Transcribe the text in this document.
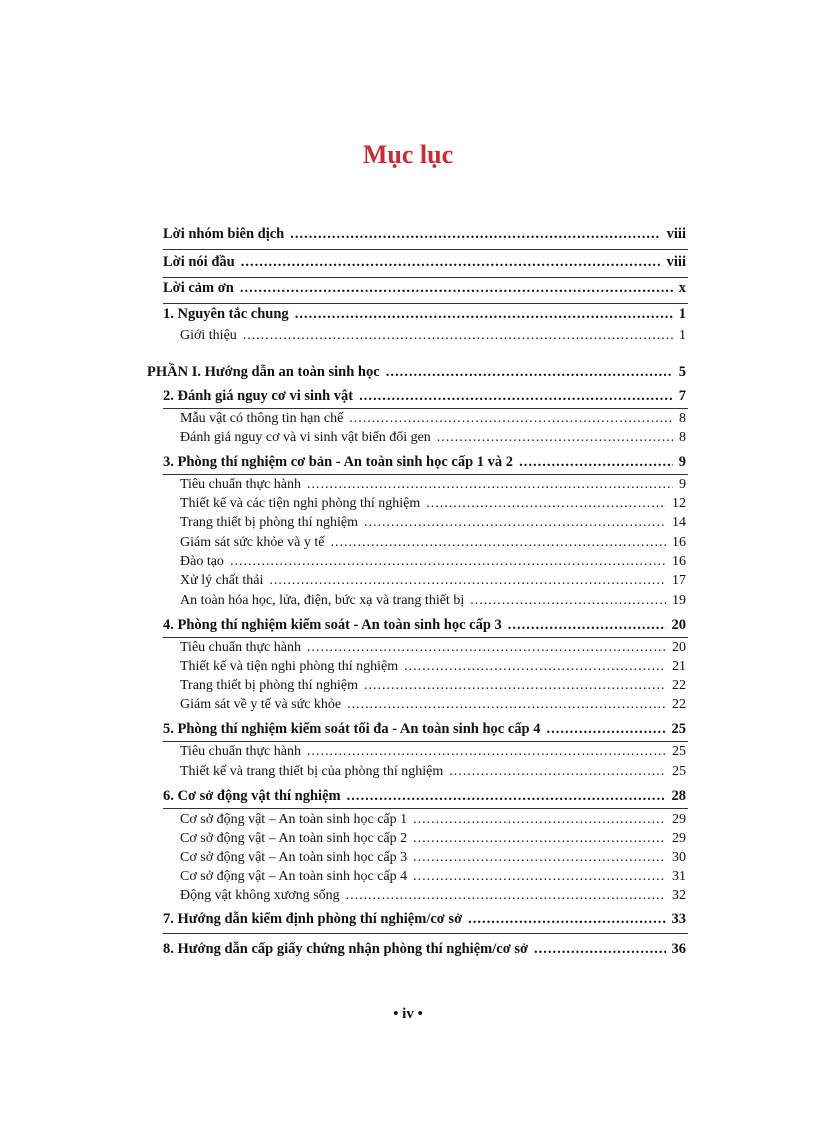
Mục lục
Lời nhóm biên dịch .....	viii
Lời nói đầu .....	viii
Lời cảm ơn .....	x
1. Nguyên tắc chung .....	1
Giới thiệu .....	1
PHẦN I. Hướng dẫn an toàn sinh học .....	5
2. Đánh giá nguy cơ vi sinh vật .....	7
Mẫu vật có thông tin hạn chế .....	8
Đánh giá nguy cơ và vi sinh vật biến đổi gen .....	8
3. Phòng thí nghiệm cơ bản - An toàn sinh học cấp 1 và 2 .....	9
Tiêu chuẩn thực hành .....	9
Thiết kế và các tiện nghi phòng thí nghiệm .....	12
Trang thiết bị phòng thí nghiệm .....	14
Giám sát sức khỏe và y tế .....	16
Đào tạo .....	16
Xử lý chất thải .....	17
An toàn hóa học, lửa, điện, bức xạ và trang thiết bị .....	19
4. Phòng thí nghiệm kiểm soát - An toàn sinh học cấp 3 .....	20
Tiêu chuẩn thực hành .....	20
Thiết kế và tiện nghi phòng thí nghiệm .....	21
Trang thiết bị phòng thí nghiệm .....	22
Giám sát về y tế và sức khỏe .....	22
5. Phòng thí nghiệm kiểm soát tối đa - An toàn sinh học cấp 4 .....	25
Tiêu chuẩn thực hành .....	25
Thiết kế và trang thiết bị của phòng thí nghiệm .....	25
6. Cơ sở động vật thí nghiệm .....	28
Cơ sở động vật – An toàn sinh học cấp 1 .....	29
Cơ sở động vật – An toàn sinh học cấp 2 .....	29
Cơ sở động vật – An toàn sinh học cấp 3 .....	30
Cơ sở động vật – An toàn sinh học cấp 4 .....	31
Động vật không xương sống .....	32
7. Hướng dẫn kiểm định phòng thí nghiệm/cơ sở .....	33
8. Hướng dẫn cấp giấy chứng nhận phòng thí nghiệm/cơ sở .....	36
• iv •
